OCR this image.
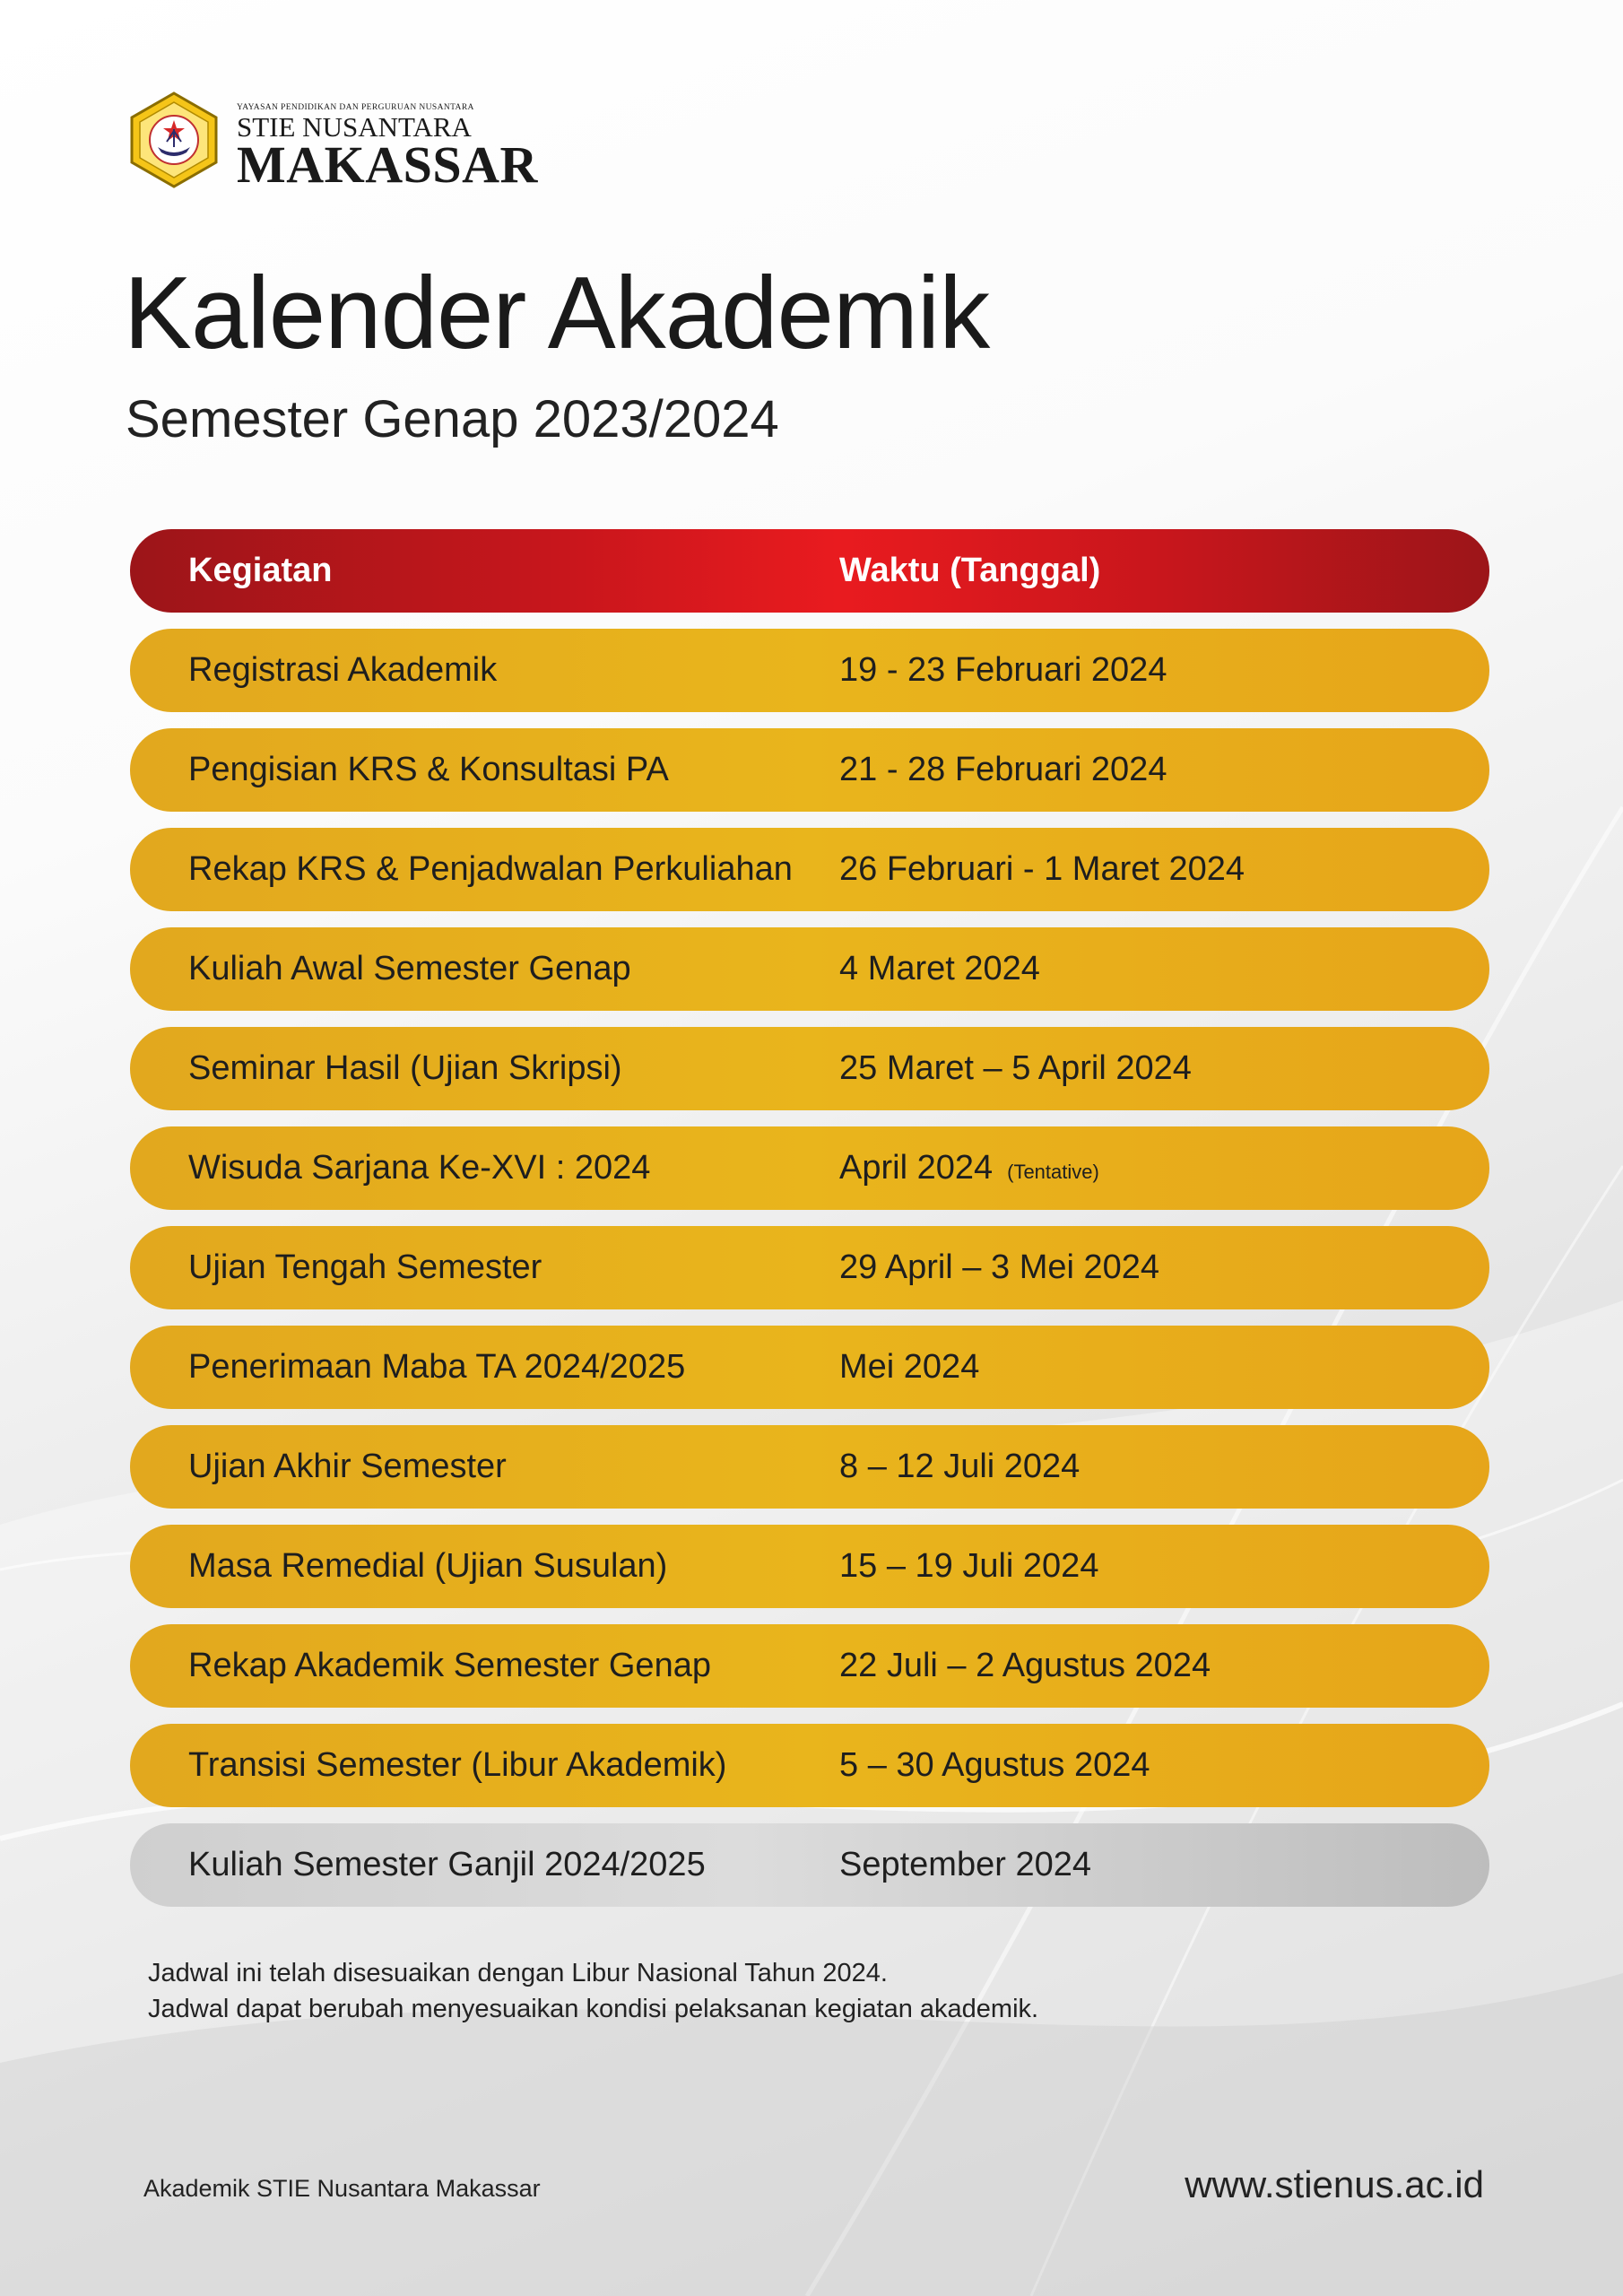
YAYASAN PENDIDIKAN DAN PERGURUAN NUSANTARA
STIE NUSANTARA
MAKASSAR
Kalender Akademik
Semester Genap 2023/2024
Kegiatan	Waktu (Tanggal)
Registrasi Akademik	19 - 23 Februari 2024
Pengisian KRS & Konsultasi PA	21 - 28 Februari 2024
Rekap KRS & Penjadwalan Perkuliahan	26 Februari - 1 Maret 2024
Kuliah Awal Semester Genap	4 Maret 2024
Seminar Hasil (Ujian Skripsi)	25 Maret – 5 April 2024
Wisuda Sarjana Ke-XVI : 2024	April 2024 (Tentative)
Ujian Tengah Semester	29 April – 3 Mei 2024
Penerimaan Maba TA 2024/2025	Mei 2024
Ujian Akhir Semester	8 – 12 Juli 2024
Masa Remedial (Ujian Susulan)	15 – 19 Juli 2024
Rekap Akademik Semester Genap	22 Juli – 2 Agustus 2024
Transisi Semester (Libur Akademik)	5 – 30 Agustus 2024
Kuliah Semester Ganjil 2024/2025	September 2024
Jadwal ini telah disesuaikan dengan Libur Nasional Tahun 2024.
Jadwal dapat berubah menyesuaikan kondisi pelaksanan kegiatan akademik.
Akademik STIE Nusantara Makassar	www.stienus.ac.id
